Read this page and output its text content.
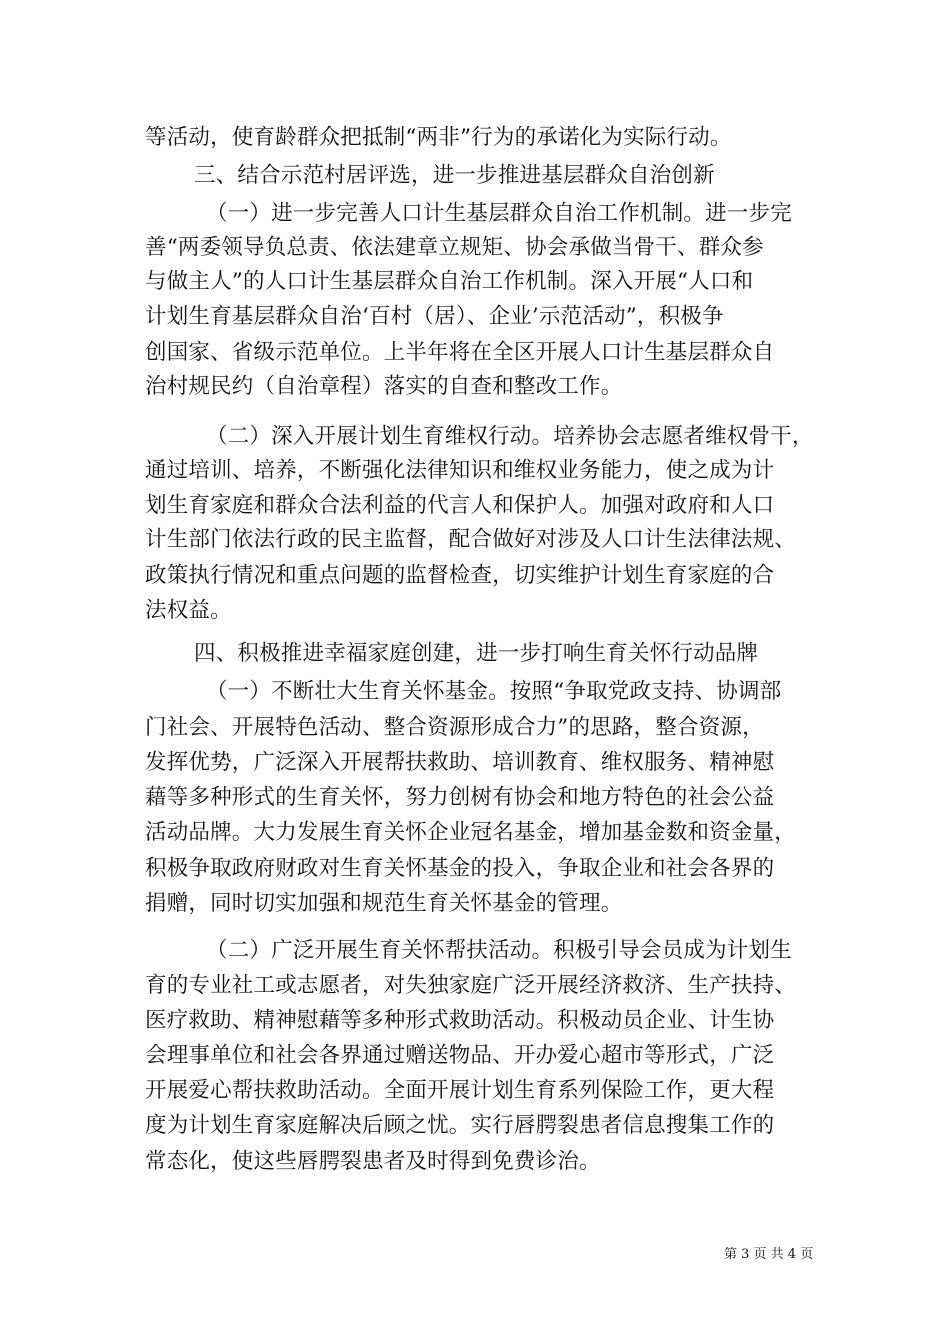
等活动，使育龄群众把抵制“两非”行为的承诺化为实际行动。
三、结合示范村居评选，进一步推进基层群众自治创新
（一）进一步完善人口计生基层群众自治工作机制。进一步完
善“两委领导负总责、依法建章立规矩、协会承做当骨干、群众参
与做主人”的人口计生基层群众自治工作机制。深入开展“人口和
计划生育基层群众自治‘百村（居）、企业’示范活动”，积极争
创国家、省级示范单位。上半年将在全区开展人口计生基层群众自
治村规民约（自治章程）落实的自查和整改工作。
（二）深入开展计划生育维权行动。培养协会志愿者维权骨干，
通过培训、培养，不断强化法律知识和维权业务能力，使之成为计
划生育家庭和群众合法利益的代言人和保护人。加强对政府和人口
计生部门依法行政的民主监督，配合做好对涉及人口计生法律法规、
政策执行情况和重点问题的监督检查，切实维护计划生育家庭的合
法权益。
四、积极推进幸福家庭创建，进一步打响生育关怀行动品牌
（一）不断壮大生育关怀基金。按照“争取党政支持、协调部
门社会、开展特色活动、整合资源形成合力”的思路，整合资源，
发挥优势，广泛深入开展帮扶救助、培训教育、维权服务、精神慰
藉等多种形式的生育关怀，努力创树有协会和地方特色的社会公益
活动品牌。大力发展生育关怀企业冠名基金，增加基金数和资金量，
积极争取政府财政对生育关怀基金的投入，争取企业和社会各界的
捐赠，同时切实加强和规范生育关怀基金的管理。
（二）广泛开展生育关怀帮扶活动。积极引导会员成为计划生
育的专业社工或志愿者，对失独家庭广泛开展经济救济、生产扶持、
医疗救助、精神慰藉等多种形式救助活动。积极动员企业、计生协
会理事单位和社会各界通过赠送物品、开办爱心超市等形式，广泛
开展爱心帮扶救助活动。全面开展计划生育系列保险工作，更大程
度为计划生育家庭解决后顾之忧。实行唇腭裂患者信息搜集工作的
常态化，使这些唇腭裂患者及时得到免费诊治。
第 3 页 共 4 页
